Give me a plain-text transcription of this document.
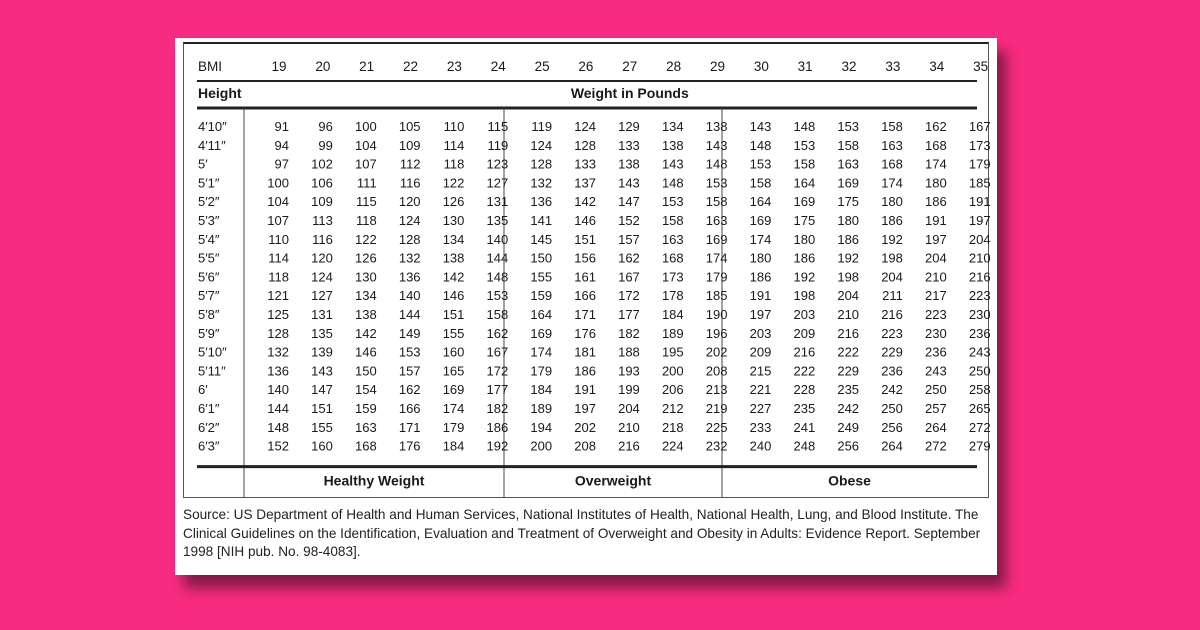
BMI	19 20 21 22 23 24 25 26 27 28 29 30 31 32 33 34 35
Height	Weight in Pounds
4′10″	91 96 100 105 110 115 119 124 129 134 138 143 148 153 158 162 167
4′11″	94 99 104 109 114 119 124 128 133 138 143 148 153 158 163 168 173
5′	97 102 107 112 118 123 128 133 138 143 148 153 158 163 168 174 179
5′1″	100 106 111 116 122 127 132 137 143 148 153 158 164 169 174 180 185
5′2″	104 109 115 120 126 131 136 142 147 153 158 164 169 175 180 186 191
5′3″	107 113 118 124 130 135 141 146 152 158 163 169 175 180 186 191 197
5′4″	110 116 122 128 134 140 145 151 157 163 169 174 180 186 192 197 204
5′5″	114 120 126 132 138 144 150 156 162 168 174 180 186 192 198 204 210
5′6″	118 124 130 136 142 148 155 161 167 173 179 186 192 198 204 210 216
5′7″	121 127 134 140 146 153 159 166 172 178 185 191 198 204 211 217 223
5′8″	125 131 138 144 151 158 164 171 177 184 190 197 203 210 216 223 230
5′9″	128 135 142 149 155 162 169 176 182 189 196 203 209 216 223 230 236
5′10″	132 139 146 153 160 167 174 181 188 195 202 209 216 222 229 236 243
5′11″	136 143 150 157 165 172 179 186 193 200 208 215 222 229 236 243 250
6′	140 147 154 162 169 177 184 191 199 206 213 221 228 235 242 250 258
6′1″	144 151 159 166 174 182 189 197 204 212 219 227 235 242 250 257 265
6′2″	148 155 163 171 179 186 194 202 210 218 225 233 241 249 256 264 272
6′3″	152 160 168 176 184 192 200 208 216 224 232 240 248 256 264 272 279
Healthy Weight	Overweight	Obese

Source: US Department of Health and Human Services, National Institutes of Health, National Health, Lung, and Blood Institute. The Clinical Guidelines on the Identification, Evaluation and Treatment of Overweight and Obesity in Adults: Evidence Report. September 1998 [NIH pub. No. 98-4083].
